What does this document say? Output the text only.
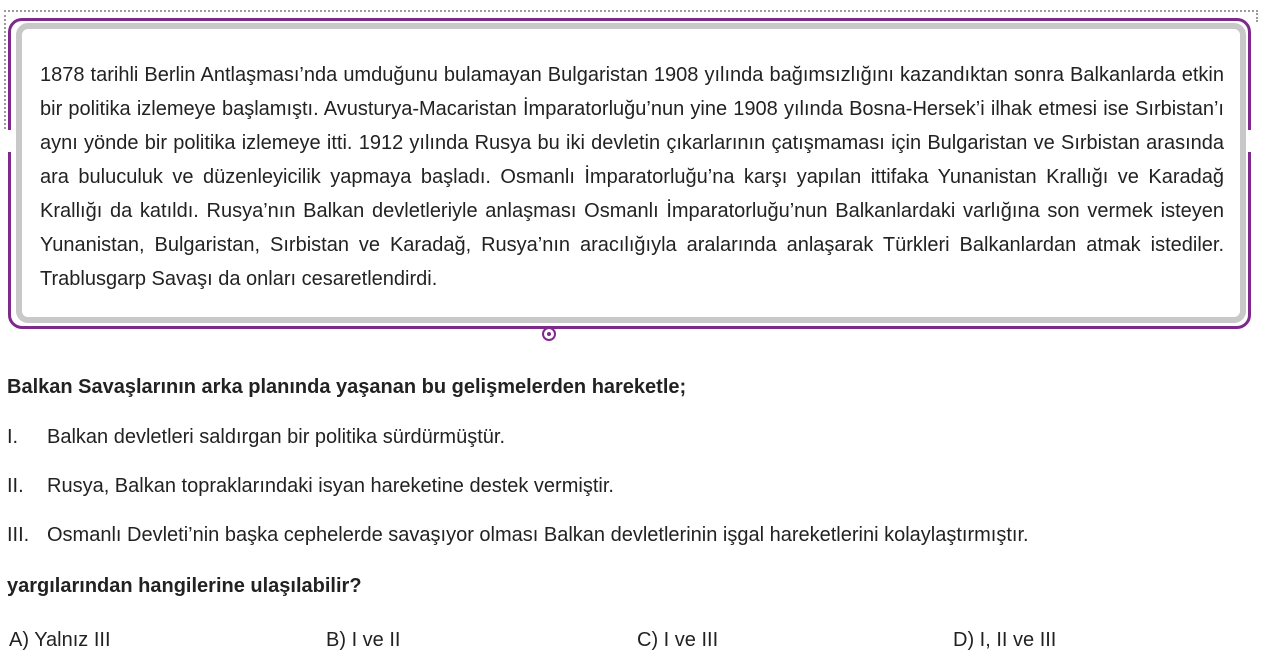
1878 tarihli Berlin Antlaşması’nda umduğunu bulamayan Bulgaristan 1908 yılında bağımsızlığını kazandıktan sonra Balkanlarda etkin bir politika izlemeye başlamıştı. Avusturya-Macaristan İmparatorluğu’nun yine 1908 yılında Bosna-Hersek’i ilhak etmesi ise Sırbistan’ı aynı yönde bir politika izlemeye itti. 1912 yılında Rusya bu iki devletin çıkarlarının çatışmaması için Bulgaristan ve Sırbistan arasında ara buluculuk ve düzenleyicilik yapmaya başladı. Osmanlı İmparatorluğu’na karşı yapılan ittifaka Yunanistan Krallığı ve Karadağ Krallığı da katıldı. Rusya’nın Balkan devletleriyle anlaşması Osmanlı İmparatorluğu’nun Balkanlardaki varlığına son vermek isteyen Yunanistan, Bulgaristan, Sırbistan ve Karadağ, Rusya’nın aracılığıyla aralarında anlaşarak Türkleri Balkanlardan atmak istediler. Trablusgarp Savaşı da onları cesaretlendirdi.

Balkan Savaşlarının arka planında yaşanan bu gelişmelerden hareketle;
I. Balkan devletleri saldırgan bir politika sürdürmüştür.
II. Rusya, Balkan topraklarındaki isyan hareketine destek vermiştir.
III. Osmanlı Devleti’nin başka cephelerde savaşıyor olması Balkan devletlerinin işgal hareketlerini kolaylaştırmıştır.
yargılarından hangilerine ulaşılabilir?
A) Yalnız III	B) I ve II	C) I ve III	D) I, II ve III
